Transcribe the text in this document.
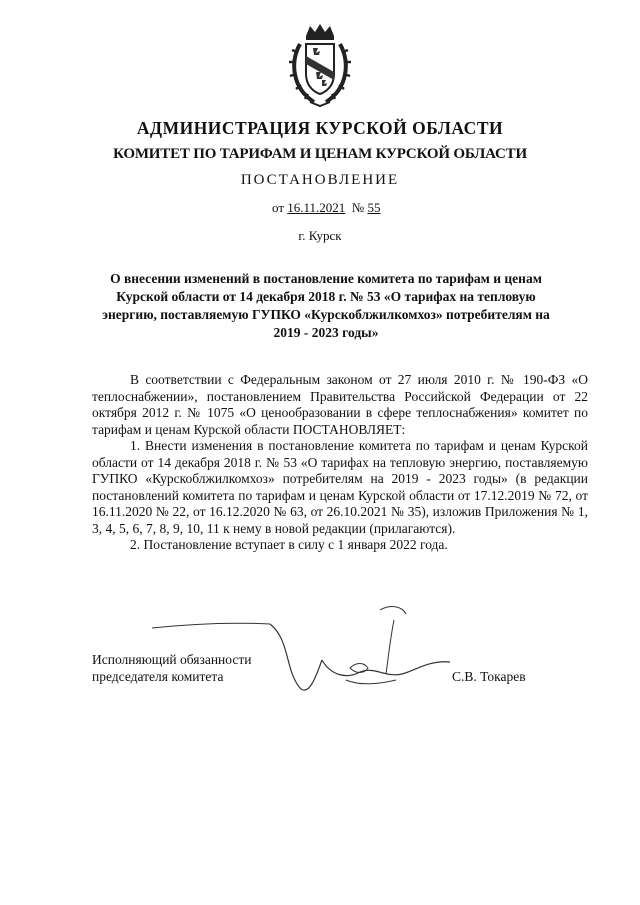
АДМИНИСТРАЦИЯ КУРСКОЙ ОБЛАСТИ
КОМИТЕТ ПО ТАРИФАМ И ЦЕНАМ КУРСКОЙ ОБЛАСТИ
ПОСТАНОВЛЕНИЕ
от 16.11.2021 № 55
г. Курск
О внесении изменений в постановление комитета по тарифам и ценам Курской области от 14 декабря 2018 г. № 53 «О тарифах на тепловую энергию, поставляемую ГУПКО «Курскоблжилкомхоз» потребителям на 2019 - 2023 годы»

В соответствии с Федеральным законом от 27 июля 2010 г. № 190-ФЗ «О теплоснабжении», постановлением Правительства Российской Федерации от 22 октября 2012 г. № 1075 «О ценообразовании в сфере теплоснабжения» комитет по тарифам и ценам Курской области ПОСТАНОВЛЯЕТ:

1. Внести изменения в постановление комитета по тарифам и ценам Курской области от 14 декабря 2018 г. № 53 «О тарифах на тепловую энергию, поставляемую ГУПКО «Курскоблжилкомхоз» потребителям на 2019 - 2023 годы» (в редакции постановлений комитета по тарифам и ценам Курской области от 17.12.2019 № 72, от 16.11.2020 № 22, от 16.12.2020 № 63, от 26.10.2021 № 35), изложив Приложения № 1, 3, 4, 5, 6, 7, 8, 9, 10, 11 к нему в новой редакции (прилагаются).

2. Постановление вступает в силу с 1 января 2022 года.

Исполняющий обязанности
председателя комитета	С.В. Токарев
